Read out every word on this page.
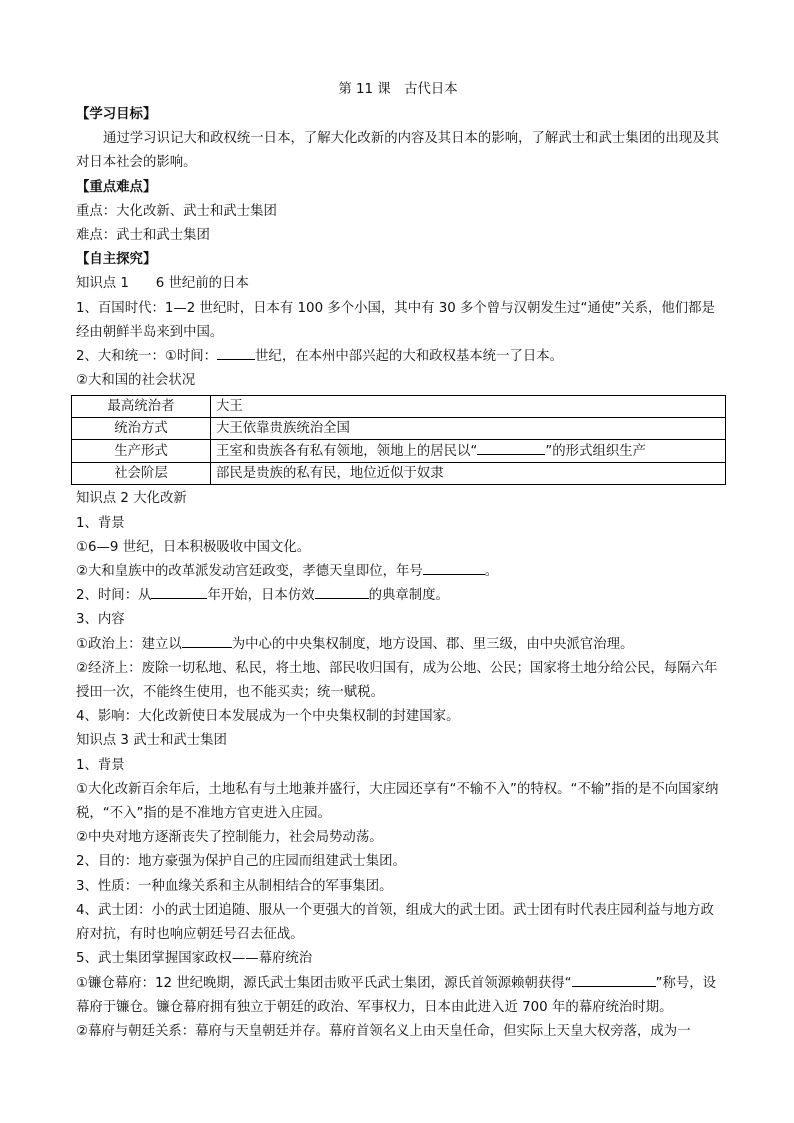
第 11 课　古代日本
【学习目标】
通过学习识记大和政权统一日本，了解大化改新的内容及其日本的影响，了解武士和武士集团的出现及其对日本社会的影响。
【重点难点】
重点：大化改新、武士和武士集团
难点：武士和武士集团
【自主探究】
知识点 1　　6 世纪前的日本
1、百国时代：1—2 世纪时，日本有 100 多个小国，其中有 30 多个曾与汉朝发生过“通使”关系，他们都是经由朝鲜半岛来到中国。
2、大和统一：①时间：	世纪，在本州中部兴起的大和政权基本统一了日本。
②大和国的社会状况
最高统治者	大王
统治方式	大王依靠贵族统治全国
生产形式	王室和贵族各有私有领地，领地上的居民以“ ”的形式组织生产
社会阶层	部民是贵族的私有民，地位近似于奴隶
知识点 2 大化改新
1、背景
①6—9 世纪，日本积极吸收中国文化。
②大和皇族中的改革派发动宫廷政变，孝德天皇即位，年号	。
2、时间：从	年开始，日本仿效	的典章制度。
3、内容
①政治上：建立以	为中心的中央集权制度，地方设国、郡、里三级，由中央派官治理。
②经济上：废除一切私地、私民，将土地、部民收归国有，成为公地、公民；国家将土地分给公民，每隔六年授田一次，不能终生使用，也不能买卖；统一赋税。
4、影响：大化改新使日本发展成为一个中央集权制的封建国家。
知识点 3 武士和武士集团
1、背景
①大化改新百余年后，土地私有与土地兼并盛行，大庄园还享有“不输不入”的特权。“不输”指的是不向国家纳税，“不入”指的是不准地方官吏进入庄园。
②中央对地方逐渐丧失了控制能力，社会局势动荡。
2、目的：地方豪强为保护自己的庄园而组建武士集团。
3、性质：一种血缘关系和主从制相结合的军事集团。
4、武士团：小的武士团追随、服从一个更强大的首领，组成大的武士团。武士团有时代表庄园利益与地方政府对抗，有时也响应朝廷号召去征战。
5、武士集团掌握国家政权——幕府统治
①镰仓幕府：12 世纪晚期，源氏武士集团击败平氏武士集团，源氏首领源赖朝获得“	”称号，设幕府于镰仓。镰仓幕府拥有独立于朝廷的政治、军事权力，日本由此进入近 700 年的幕府统治时期。
②幕府与朝廷关系：幕府与天皇朝廷并存。幕府首领名义上由天皇任命，但实际上天皇大权旁落，成为一
